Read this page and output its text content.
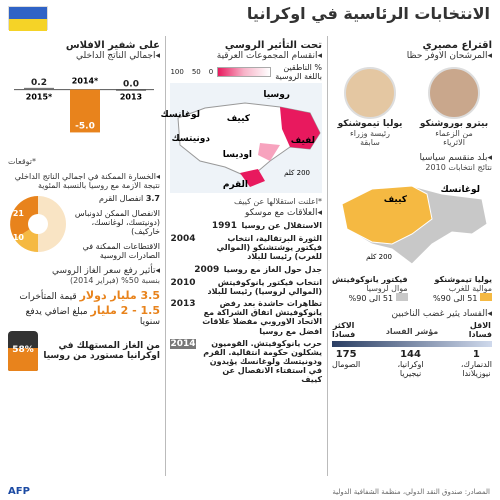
الانتخابات الرئاسية في اوكرانيا
اقتراع مصيري
◂المرشحان الاوفر حظا
بيترو بوروشنكو
من الزعماء
الاثرياء
يوليا تيموشنكو
رئيسة وزراء
سابقة
◂بلد منقسم سياسيا
نتائج انتخابات 2010
لوغانسك
كييف
200 كلم
يوليا تيموشنكو
موالية للغرب
51 الى 90%
فيكتور يانوكوفيتش
موال لروسيا
51 الى 90%
◂الفساد يثير غضب الناخبين
الاقل
فسادا
مؤشر الفساد
الاكثر
فسادا
1
الدنمارك،
نيوزيلاندا
144
اوكرانيا،
نيجيريا
175
الصومال
تحت التأثير الروسي
◂انقسام المجموعات العرقية
% الناطقين
باللغة الروسية
0
50
100
روسيا
كييف
لوغانسك
دونيتسك
اوديسا
القرم
لفيف
200 كلم
*اعلنت استقلالها عن كييف
◂العلاقات مع موسكو
الاستقلال عن روسيا
1991
الثورة البرتقالية، انتخاب فيكتور يوشتشنكو (الموالي للغرب) رئيسا للبلاد
2004
جدل حول الغاز مع روسيا
2009
انتخاب فيكتور يانوكوفيتش (الموالي لروسيا) رئيسا للبلاد
2010
تظاهرات حاشدة بعد رفض يانوكوفيتش اتفاق الشراكة مع الاتحاد الاوروبي مفضلا علاقات افضل مع روسيا
2013
حرب يانوكوفيتش. القوميون يشكلون حكومة انتقالية. القرم ودونيتسك ولوغانسك يؤيدون في استفتاء الانفصال عن كييف
2014
على شفير الافلاس
◂اجمالي الناتج الداخلي
0.2
2015*
-5.0
2014*	0.0
2013
*توقعات
◂الخسارة الممكنة في اجمالي الناتج الداخلي نتيجة الازمة مع روسيا بالنسبة المئوية
3.7 انفصال القرم
الانفصال الممكن لدونباس (دونيتسك، لوغانسك، خاركيف)
الاقتطاعات الممكنة في الصادرات الروسية
21
10
◂تأثير رفع سعر الغاز الروسي
بنسبة 50% (فبراير 2014)
3.5 مليار دولار قيمة المتأخرات
1.5 - 2 مليار مبلغ اضافي يدفع سنويا
من الغاز المستهلك في اوكرانيا مستورد من روسيا
58%
المصادر: صندوق النقد الدولي، منظمة الشفافية الدولية
AFP
